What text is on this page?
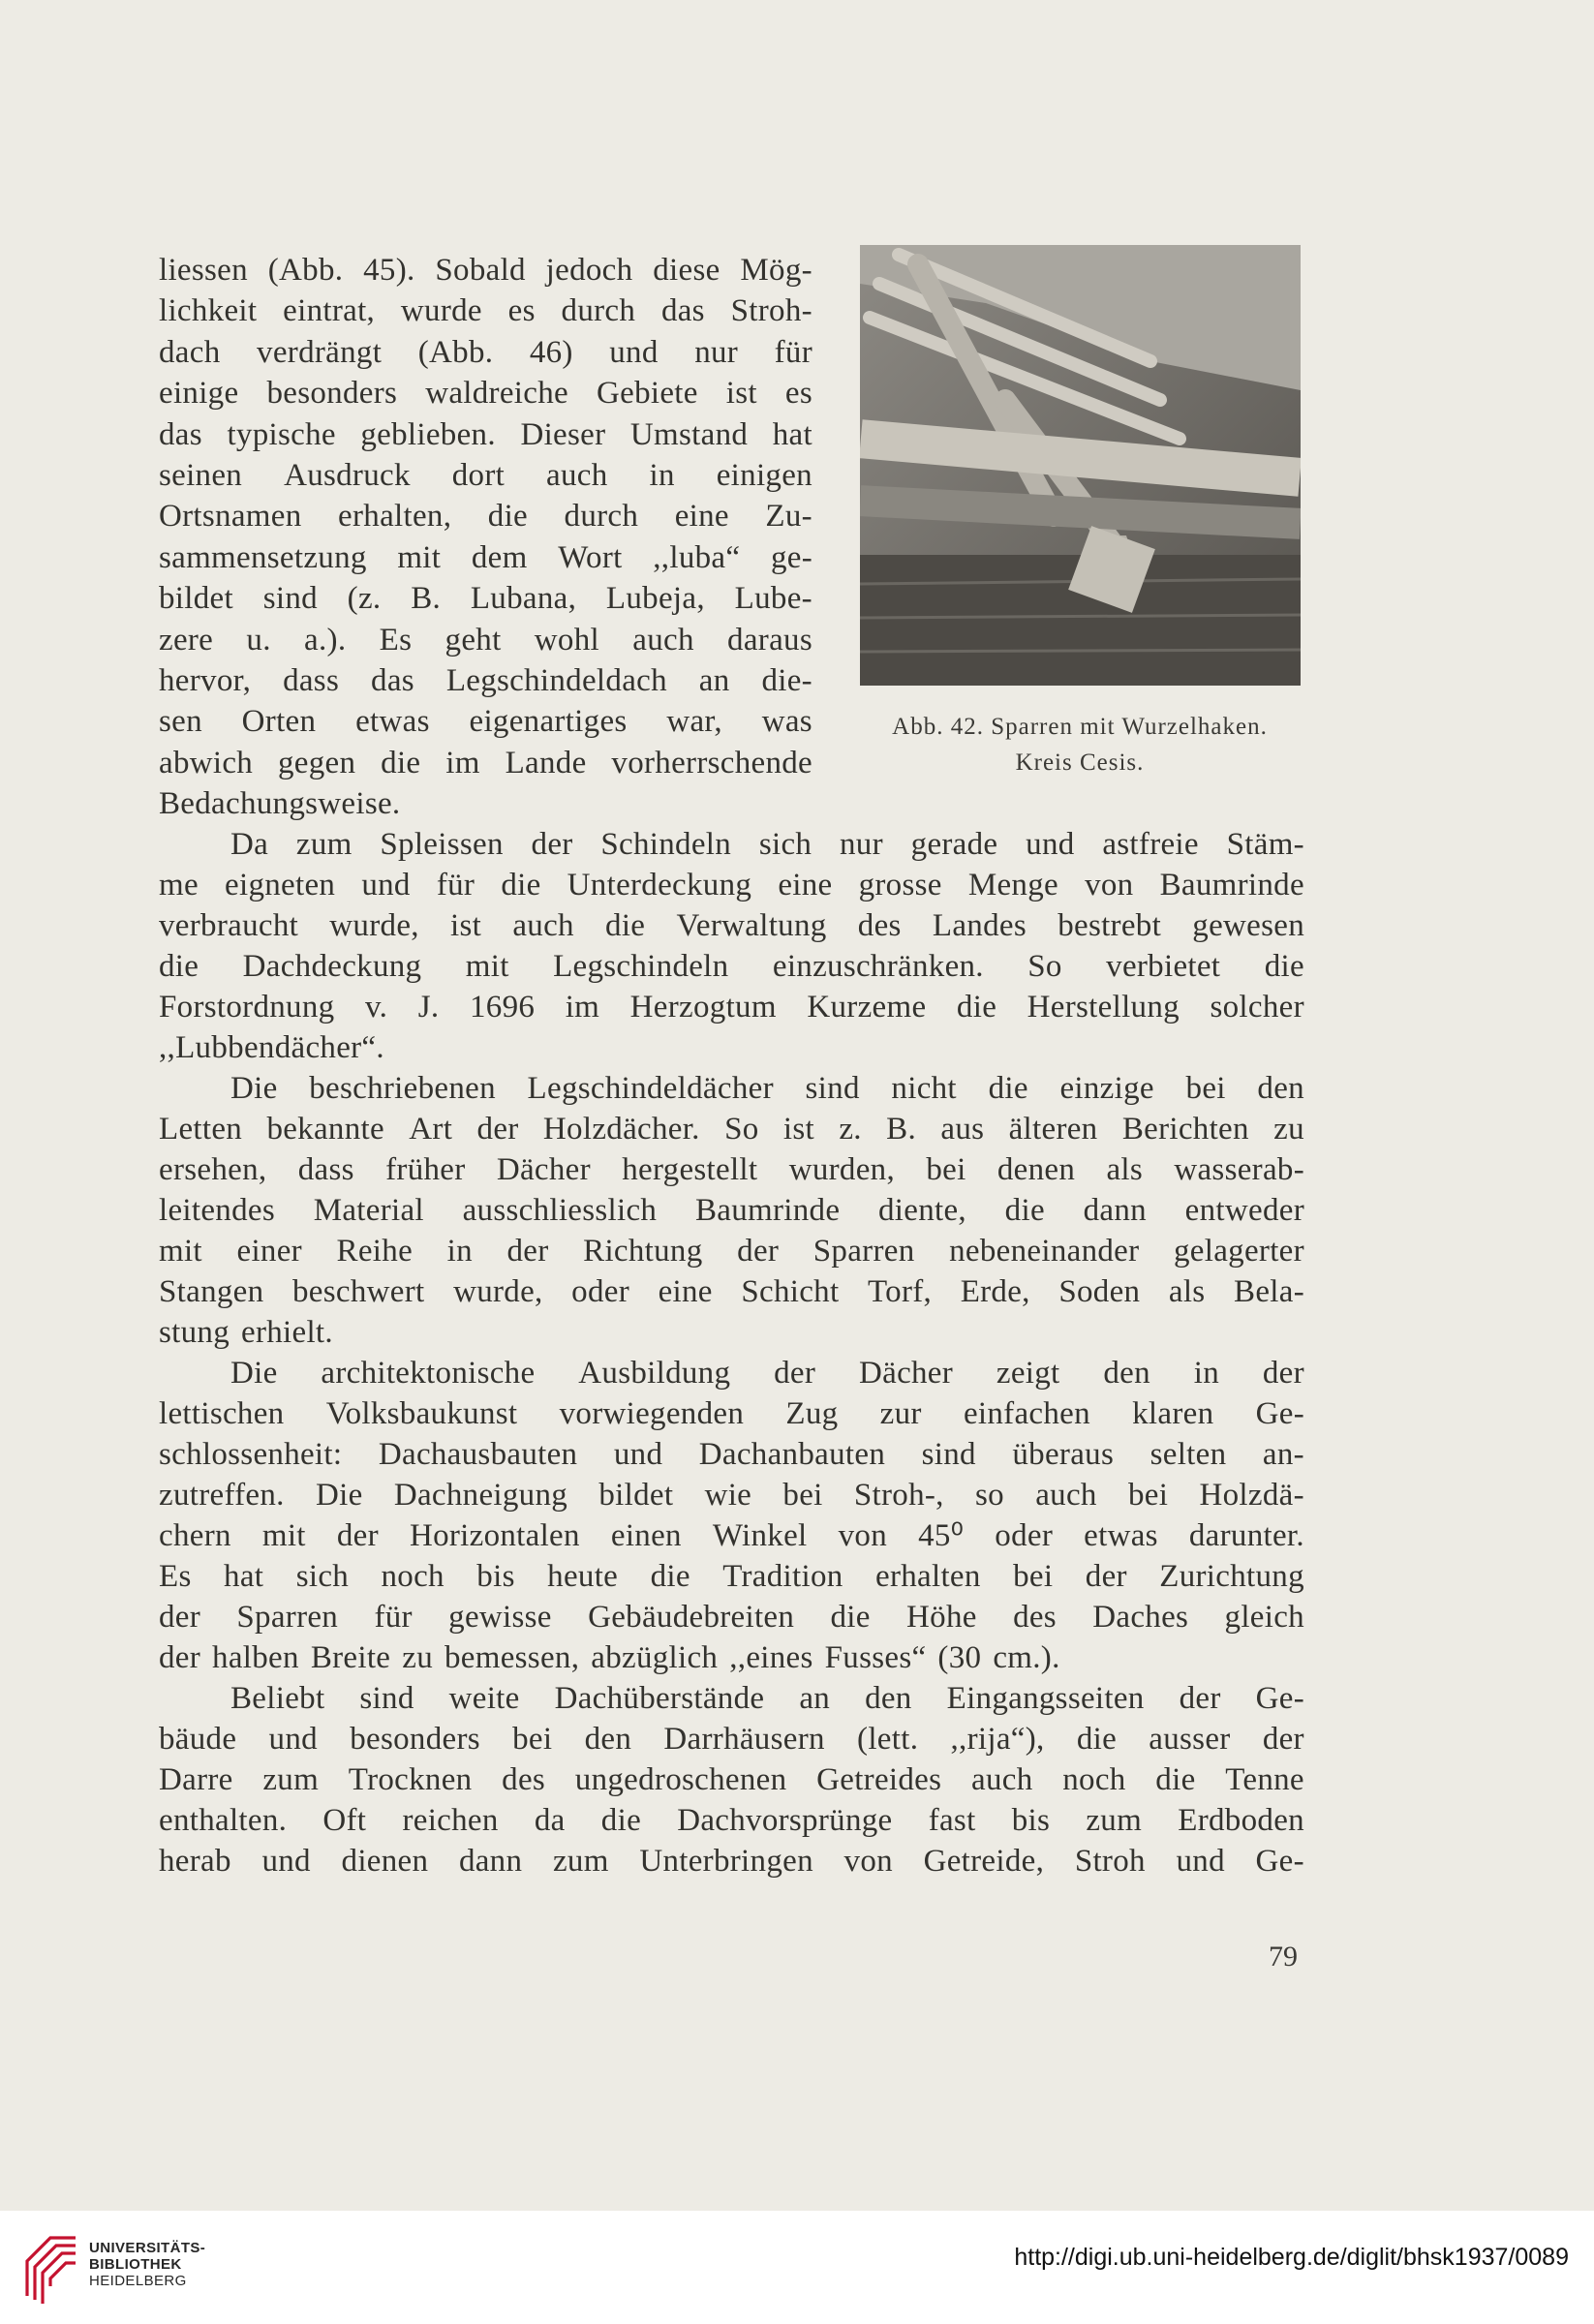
Abb. 42. Sparren mit Wurzelhaken.
Kreis Cesis.
liessen (Abb. 45). Sobald jedoch diese Mög-
lichkeit eintrat, wurde es durch das Stroh-
dach verdrängt (Abb. 46) und nur für
einige besonders waldreiche Gebiete ist es
das typische geblieben. Dieser Umstand hat
seinen Ausdruck dort auch in einigen
Ortsnamen erhalten, die durch eine Zu-
sammensetzung mit dem Wort ,,luba“ ge-
bildet sind (z. B. Lubana, Lubeja, Lube-
zere u. a.). Es geht wohl auch daraus
hervor, dass das Legschindeldach an die-
sen Orten etwas eigenartiges war, was
abwich gegen die im Lande vorherrschende
Bedachungsweise.
Da zum Spleissen der Schindeln sich nur gerade und astfreie Stäm-
me eigneten und für die Unterdeckung eine grosse Menge von Baumrinde
verbraucht wurde, ist auch die Verwaltung des Landes bestrebt gewesen
die Dachdeckung mit Legschindeln einzuschränken. So verbietet die
Forstordnung v. J. 1696 im Herzogtum Kurzeme die Herstellung solcher
,,Lubbendächer“.
Die beschriebenen Legschindeldächer sind nicht die einzige bei den
Letten bekannte Art der Holzdächer. So ist z. B. aus älteren Berichten zu
ersehen, dass früher Dächer hergestellt wurden, bei denen als wasserab-
leitendes Material ausschliesslich Baumrinde diente, die dann entweder
mit einer Reihe in der Richtung der Sparren nebeneinander gelagerter
Stangen beschwert wurde, oder eine Schicht Torf, Erde, Soden als Bela-
stung erhielt.
Die architektonische Ausbildung der Dächer zeigt den in der
lettischen Volksbaukunst vorwiegenden Zug zur einfachen klaren Ge-
schlossenheit: Dachausbauten und Dachanbauten sind überaus selten an-
zutreffen. Die Dachneigung bildet wie bei Stroh-, so auch bei Holzdä-
chern mit der Horizontalen einen Winkel von 45⁰ oder etwas darunter.
Es hat sich noch bis heute die Tradition erhalten bei der Zurichtung
der Sparren für gewisse Gebäudebreiten die Höhe des Daches gleich
der halben Breite zu bemessen, abzüglich ,,eines Fusses“ (30 cm.).
Beliebt sind weite Dachüberstände an den Eingangsseiten der Ge-
bäude und besonders bei den Darrhäusern (lett. ,,rija“), die ausser der
Darre zum Trocknen des ungedroschenen Getreides auch noch die Tenne
enthalten. Oft reichen da die Dachvorsprünge fast bis zum Erdboden
herab und dienen dann zum Unterbringen von Getreide, Stroh und Ge-
79
UNIVERSITÄTS-
BIBLIOTHEK
HEIDELBERG
http://digi.ub.uni-heidelberg.de/diglit/bhsk1937/0089
